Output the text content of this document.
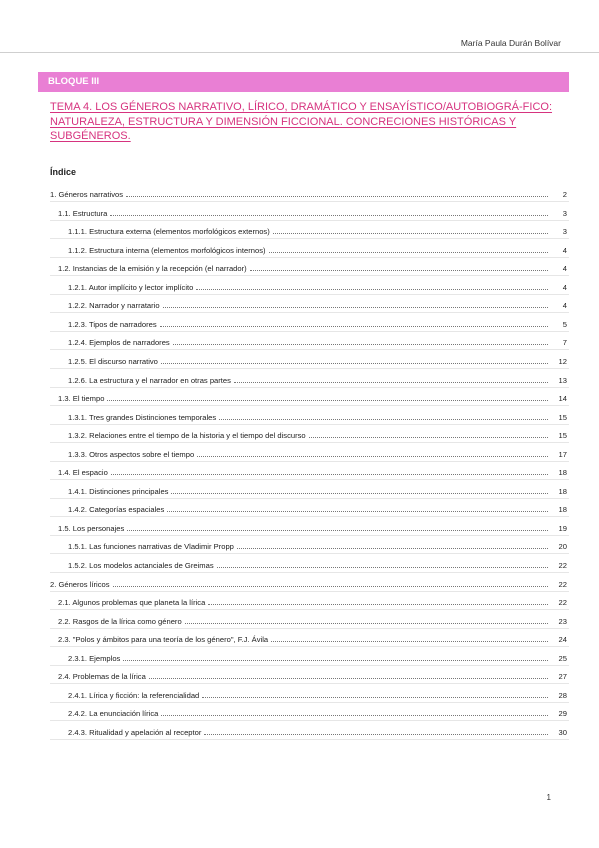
María Paula Durán Bolívar
BLOQUE III
TEMA 4. LOS GÉNEROS NARRATIVO, LÍRICO, DRAMÁTICO Y ENSAYÍSTICO/AUTOBIOGRÁ-FICO: NATURALEZA, ESTRUCTURA Y DIMENSIÓN FICCIONAL. CONCRECIONES HISTÓRICAS Y SUBGÉNEROS.
Índice
1. Géneros narrativos	2
1.1. Estructura	3
1.1.1. Estructura externa (elementos morfológicos externos)	3
1.1.2. Estructura interna (elementos morfológicos internos)	4
1.2. Instancias de la emisión y la recepción (el narrador)	4
1.2.1. Autor implícito y lector implícito	4
1.2.2. Narrador y narratario	4
1.2.3. Tipos de narradores	5
1.2.4. Ejemplos de narradores	7
1.2.5. El discurso narrativo	12
1.2.6. La estructura y el narrador en otras partes	13
1.3. El tiempo	14
1.3.1. Tres grandes Distinciones temporales	15
1.3.2. Relaciones entre el tiempo de la historia y el tiempo del discurso	15
1.3.3. Otros aspectos sobre el tiempo	17
1.4. El espacio	18
1.4.1. Distinciones principales	18
1.4.2. Categorías espaciales	18
1.5. Los personajes	19
1.5.1. Las funciones narrativas de Vladimir Propp	20
1.5.2. Los modelos actanciales de Greimas	22
2. Géneros líricos	22
2.1. Algunos problemas que planeta la lírica	22
2.2. Rasgos de la lírica como género	23
2.3. "Polos y ámbitos para una teoría de los género", F.J. Ávila	24
2.3.1. Ejemplos	25
2.4. Problemas de la lírica	27
2.4.1. Lírica y ficción: la referencialidad	28
2.4.2. La enunciación lírica	29
2.4.3. Ritualidad y apelación al receptor	30
1
